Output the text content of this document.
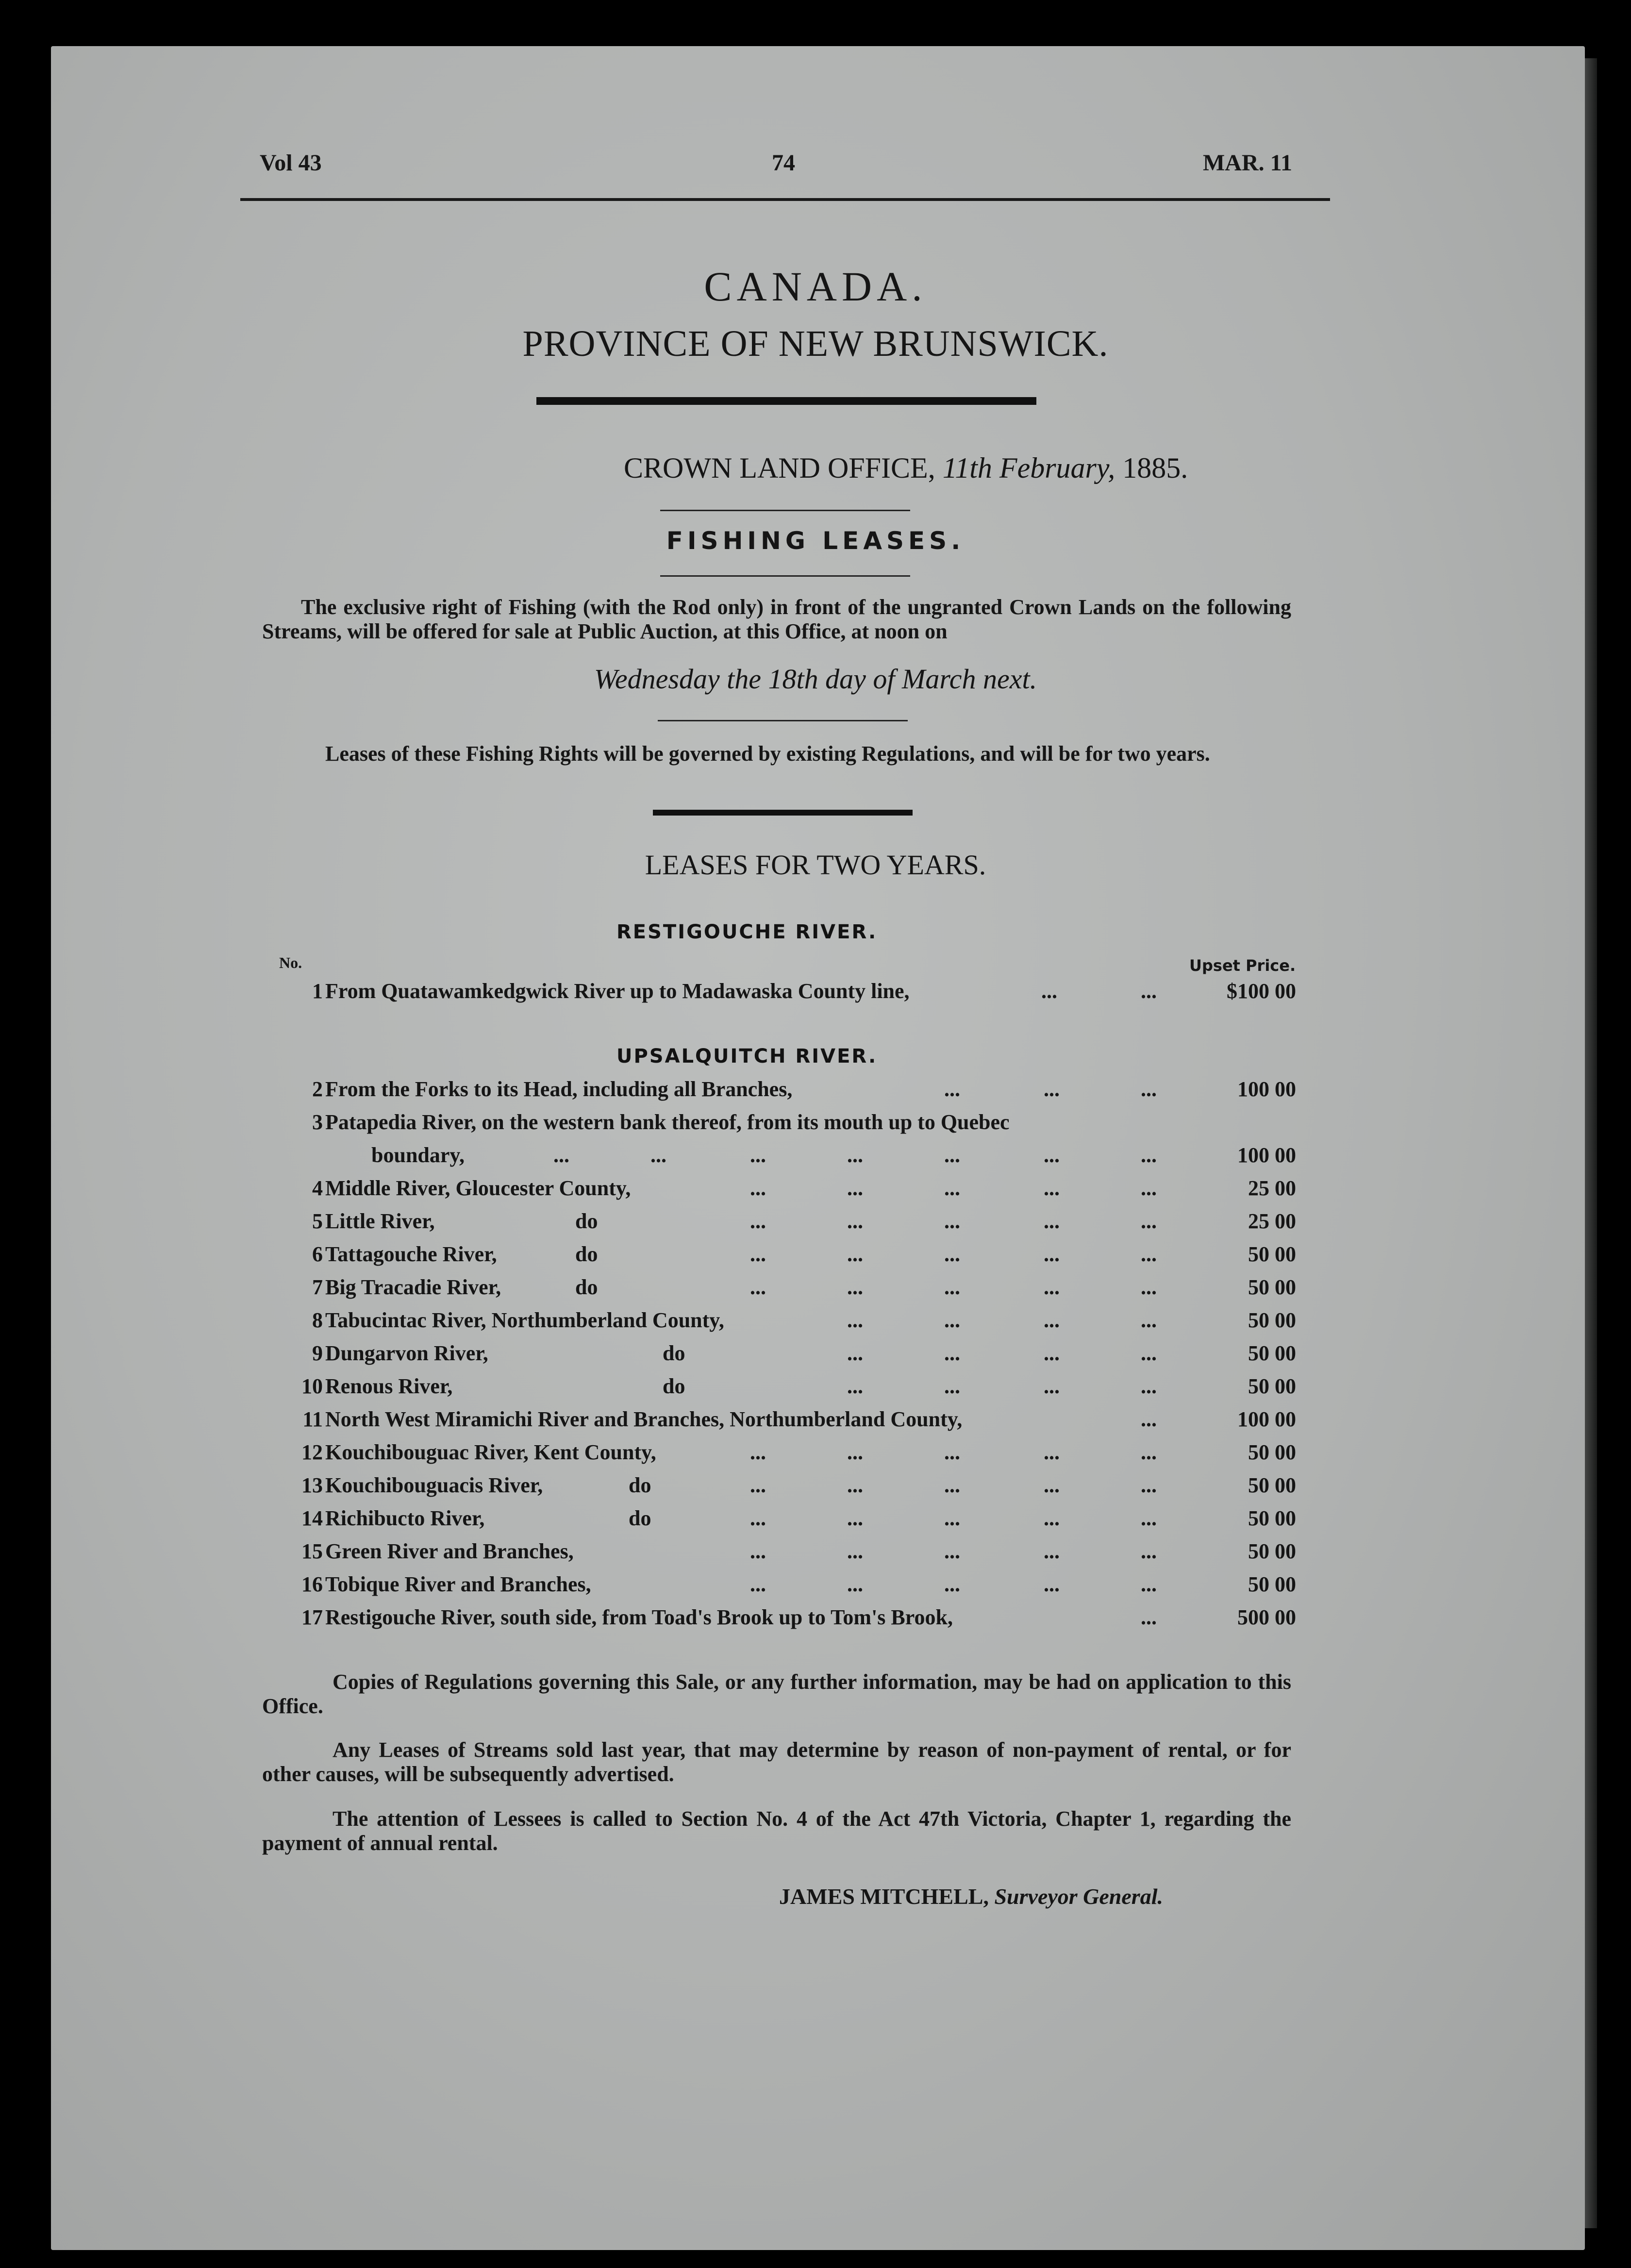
Vol 43	74	MAR. 11
CANADA.
PROVINCE OF NEW BRUNSWICK.
CROWN LAND OFFICE, 11th February, 1885.
FISHING LEASES.
The exclusive right of Fishing (with the Rod only) in front of the ungranted Crown Lands on the following Streams, will be offered for sale at Public Auction, at this Office, at noon on
Wednesday the 18th day of March next.
Leases of these Fishing Rights will be governed by existing Regulations, and will be for two years.
LEASES FOR TWO YEARS.
RESTIGOUCHE RIVER.
No.	Upset Price.
1 From Quatawamkedgwick River up to Madawaska County line,	...	...	$100 00
UPSALQUITCH RIVER.
2 From the Forks to its Head, including all Branches,	...	...	...	100 00
3 Patapedia River, on the western bank thereof, from its mouth up to Quebec
boundary,	...	...	...	...	...	...	...	100 00
4 Middle River, Gloucester County,	...	...	...	...	...	25 00
5 Little River,	do	...	...	...	...	...	25 00
6 Tattagouche River,	do	...	...	...	...	...	50 00
7 Big Tracadie River,	do	...	...	...	...	...	50 00
8 Tabucintac River, Northumberland County,	...	...	...	...	50 00
9 Dungarvon River,	do	...	...	...	...	50 00
10 Renous River,	do	...	...	...	...	50 00
11 North West Miramichi River and Branches, Northumberland County,	...	100 00
12 Kouchibouguac River, Kent County,	...	...	...	...	...	50 00
13 Kouchibouguacis River,	do	...	...	...	...	...	50 00
14 Richibucto River,	do	...	...	...	...	...	50 00
15 Green River and Branches,	...	...	...	...	...	50 00
16 Tobique River and Branches,	...	...	...	...	...	50 00
17 Restigouche River, south side, from Toad's Brook up to Tom's Brook,	...	500 00
Copies of Regulations governing this Sale, or any further information, may be had on application to this Office.
Any Leases of Streams sold last year, that may determine by reason of non-payment of rental, or for other causes, will be subsequently advertised.
The attention of Lessees is called to Section No. 4 of the Act 47th Victoria, Chapter 1, regarding the payment of annual rental.
JAMES MITCHELL, Surveyor General.
